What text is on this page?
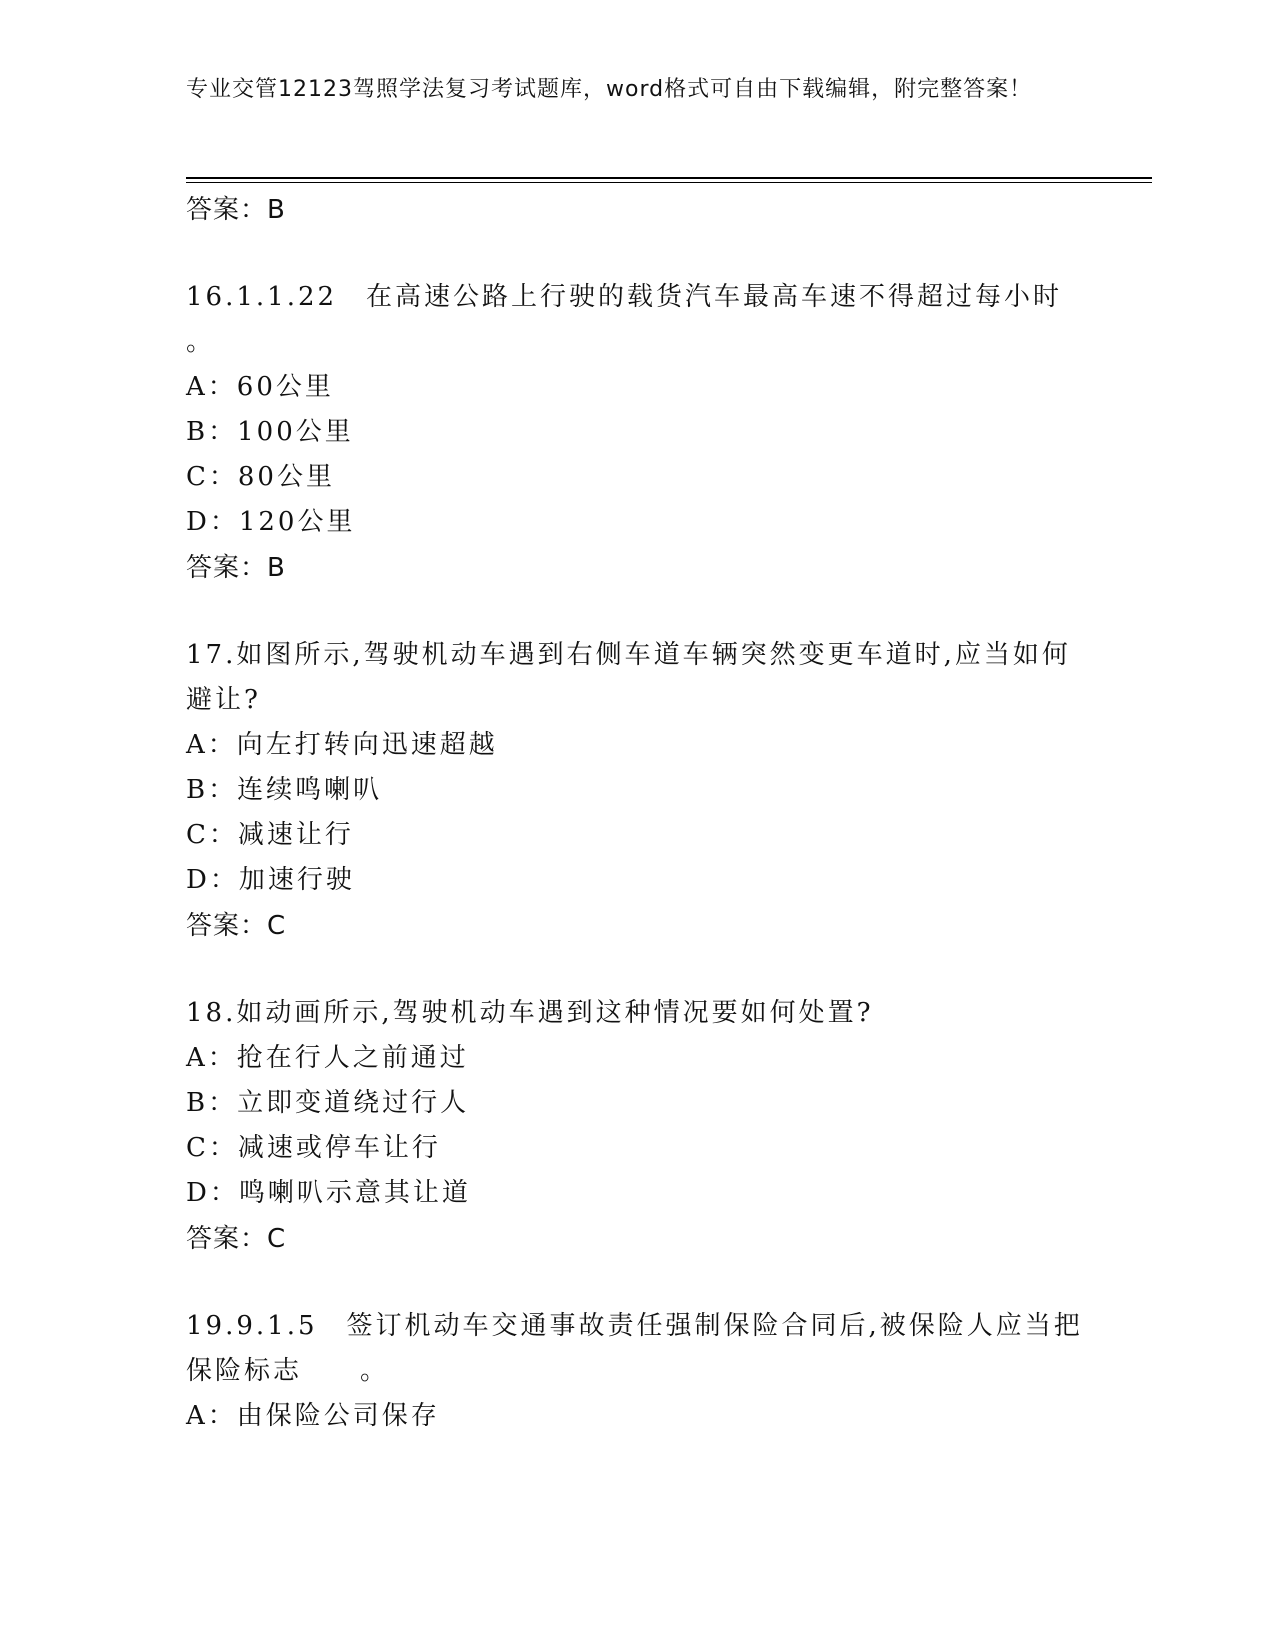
专业交管12123驾照学法复习考试题库，word格式可自由下载编辑，附完整答案！
答案：B
16.1.1.22　在高速公路上行驶的载货汽车最高车速不得超过每小时
。
A：60公里
B：100公里
C：80公里
D：120公里
答案：B
17.如图所示,驾驶机动车遇到右侧车道车辆突然变更车道时,应当如何
避让?
A：向左打转向迅速超越
B：连续鸣喇叭
C：减速让行
D：加速行驶
答案：C
18.如动画所示,驾驶机动车遇到这种情况要如何处置?
A：抢在行人之前通过
B：立即变道绕过行人
C：减速或停车让行
D：鸣喇叭示意其让道
答案：C
19.9.1.5　签订机动车交通事故责任强制保险合同后,被保险人应当把
保险标志　　。
A：由保险公司保存
